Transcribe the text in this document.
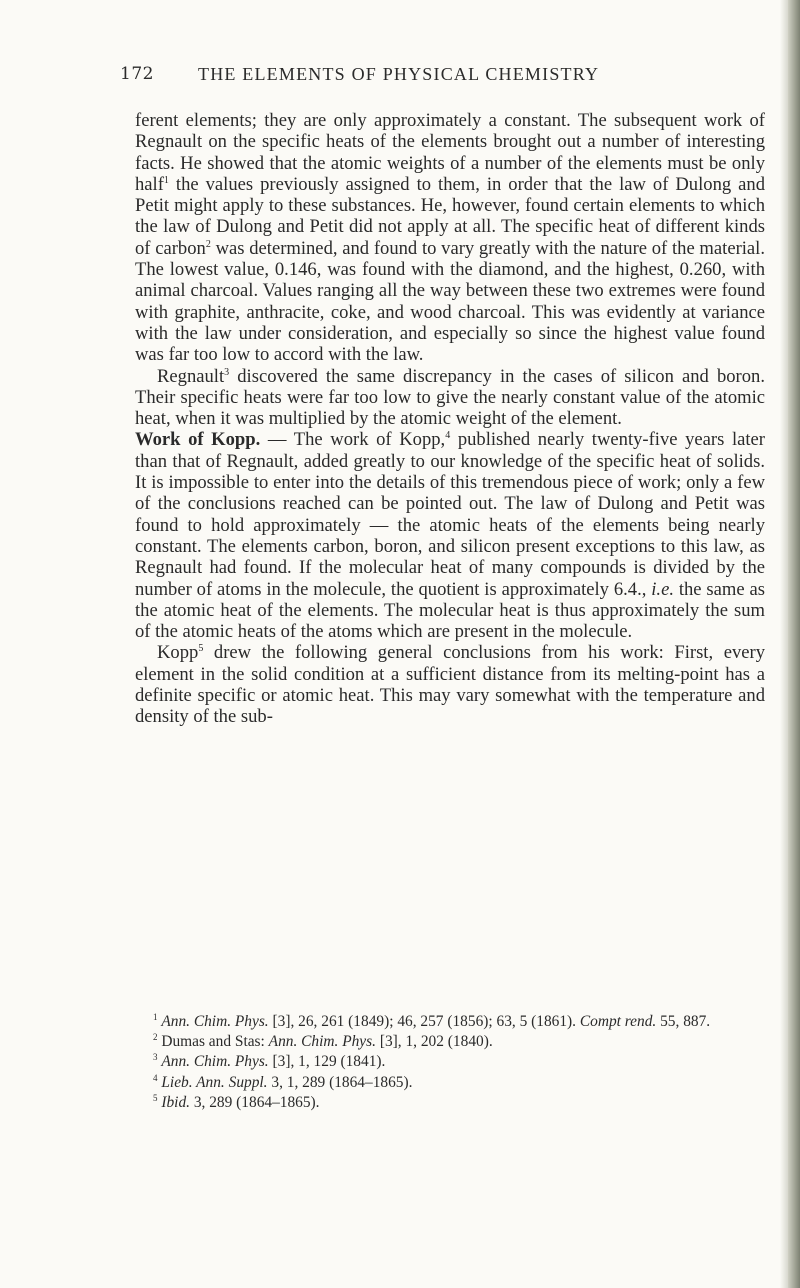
172 THE ELEMENTS OF PHYSICAL CHEMISTRY

ferent elements; they are only approximately a constant. The subsequent work of Regnault on the specific heats of the elements brought out a number of interesting facts. He showed that the atomic weights of a number of the elements must be only half$^1$ the values previously assigned to them, in order that the law of Dulong and Petit might apply to these substances. He, however, found certain elements to which the law of Dulong and Petit did not apply at all. The specific heat of different kinds of carbon$^2$ was determined, and found to vary greatly with the nature of the material. The lowest value, 0.146, was found with the diamond, and the highest, 0.260, with animal charcoal. Values ranging all the way between these two extremes were found with graphite, anthracite, coke, and wood charcoal. This was evidently at variance with the law under consideration, and especially so since the highest value found was far too low to accord with the law.

Regnault$^3$ discovered the same discrepancy in the cases of silicon and boron. Their specific heats were far too low to give the nearly constant value of the atomic heat, when it was multiplied by the atomic weight of the element.

Work of Kopp. — The work of Kopp,$^4$ published nearly twenty-five years later than that of Regnault, added greatly to our knowledge of the specific heat of solids. It is impossible to enter into the details of this tremendous piece of work; only a few of the conclusions reached can be pointed out. The law of Dulong and Petit was found to hold approximately — the atomic heats of the elements being nearly constant. The elements carbon, boron, and silicon present exceptions to this law, as Regnault had found. If the molecular heat of many compounds is divided by the number of atoms in the molecule, the quotient is approximately 6.4., i.e. the same as the atomic heat of the elements. The molecular heat is thus approximately the sum of the atomic heats of the atoms which are present in the molecule.

Kopp$^5$ drew the following general conclusions from his work: First, every element in the solid condition at a sufficient distance from its melting-point has a definite specific or atomic heat. This may vary somewhat with the temperature and density of the sub-

$^1$ Ann. Chim. Phys. [3], 26, 261 (1849); 46, 257 (1856); 63, 5 (1861). Compt rend. 55, 887.

$^2$ Dumas and Stas: Ann. Chim. Phys. [3], 1, 202 (1840).

$^3$ Ann. Chim. Phys. [3], 1, 129 (1841).

$^4$ Lieb. Ann. Suppl. 3, 1, 289 (1864–1865).

$^5$ Ibid. 3, 289 (1864–1865).
